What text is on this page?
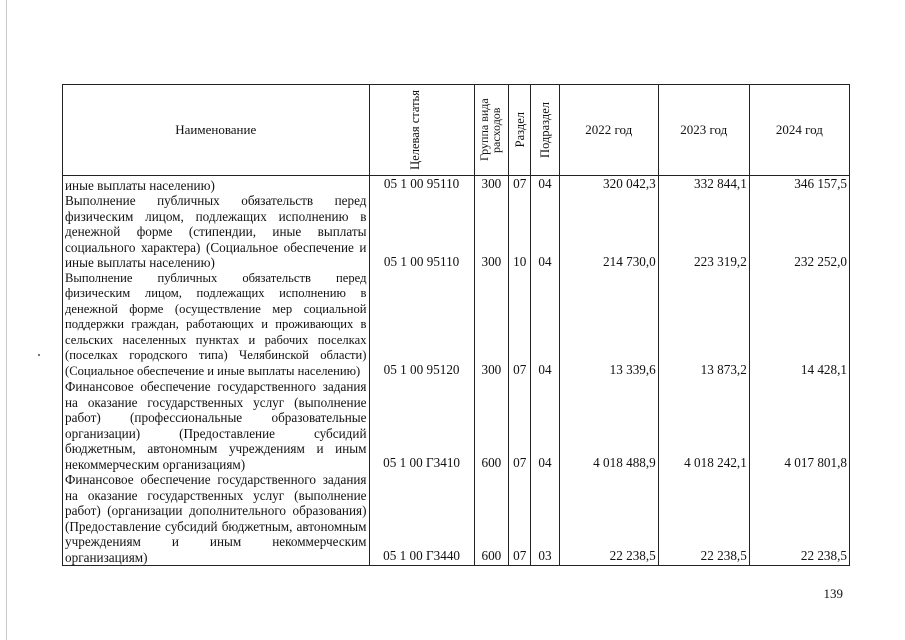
Наименование	Целевая статья	Группа вида расходов	Раздел	Подраздел	2022 год	2023 год	2024 год
иные выплаты населению)	05 1 00 95110	300	07	04	320 042,3	332 844,1	346 157,5
Выполнение публичных обязательств перед физическим лицом, подлежащих исполнению в денежной форме (стипендии, иные выплаты социального характера) (Социальное обеспечение и иные выплаты населению)	05 1 00 95110	300	10	04	214 730,0	223 319,2	232 252,0
Выполнение публичных обязательств перед физическим лицом, подлежащих исполнению в денежной форме (осуществление мер социальной поддержки граждан, работающих и проживающих в сельских населенных пунктах и рабочих поселках (поселках городского типа) Челябинской области) (Социальное обеспечение и иные выплаты населению)	05 1 00 95120	300	07	04	13 339,6	13 873,2	14 428,1
Финансовое обеспечение государственного задания на оказание государственных услуг (выполнение работ) (профессиональные образовательные организации) (Предоставление субсидий бюджетным, автономным учреждениям и иным некоммерческим организациям)	05 1 00 Г3410	600	07	04	4 018 488,9	4 018 242,1	4 017 801,8
Финансовое обеспечение государственного задания на оказание государственных услуг (выполнение работ) (организации дополнительного образования) (Предоставление субсидий бюджетным, автономным учреждениям и иным некоммерческим организациям)	05 1 00 Г3440	600	07	03	22 238,5	22 238,5	22 238,5
139
